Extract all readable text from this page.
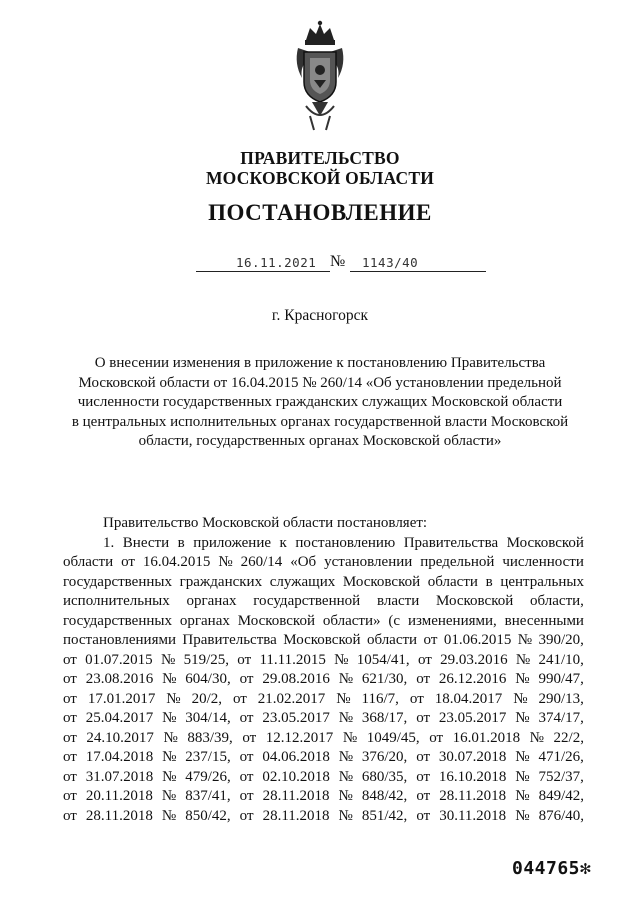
ПРАВИТЕЛЬСТВО
МОСКОВСКОЙ ОБЛАСТИ
ПОСТАНОВЛЕНИЕ
16.11.2021 № 1143/40
г. Красногорск
О внесении изменения в приложение к постановлению Правительства
Московской области от 16.04.2015 № 260/14 «Об установлении предельной
численности государственных гражданских служащих Московской области
в центральных исполнительных органах государственной власти Московской
области, государственных органах Московской области»
Правительство Московской области постановляет:
1. Внести в приложение к постановлению Правительства Московской
области от 16.04.2015 № 260/14 «Об установлении предельной численности
государственных гражданских служащих Московской области в центральных
исполнительных органах государственной власти Московской области,
государственных органах Московской области» (с изменениями, внесенными
постановлениями Правительства Московской области от 01.06.2015 № 390/20,
от 01.07.2015 № 519/25, от 11.11.2015 № 1054/41, от 29.03.2016 № 241/10,
от 23.08.2016 № 604/30, от 29.08.2016 № 621/30, от 26.12.2016 № 990/47,
от 17.01.2017 № 20/2, от 21.02.2017 № 116/7, от 18.04.2017 № 290/13,
от 25.04.2017 № 304/14, от 23.05.2017 № 368/17, от 23.05.2017 № 374/17,
от 24.10.2017 № 883/39, от 12.12.2017 № 1049/45, от 16.01.2018 № 22/2,
от 17.04.2018 № 237/15, от 04.06.2018 № 376/20, от 30.07.2018 № 471/26,
от 31.07.2018 № 479/26, от 02.10.2018 № 680/35, от 16.10.2018 № 752/37,
от 20.11.2018 № 837/41, от 28.11.2018 № 848/42, от 28.11.2018 № 849/42,
от 28.11.2018 № 850/42, от 28.11.2018 № 851/42, от 30.11.2018 № 876/40,
044765✻
